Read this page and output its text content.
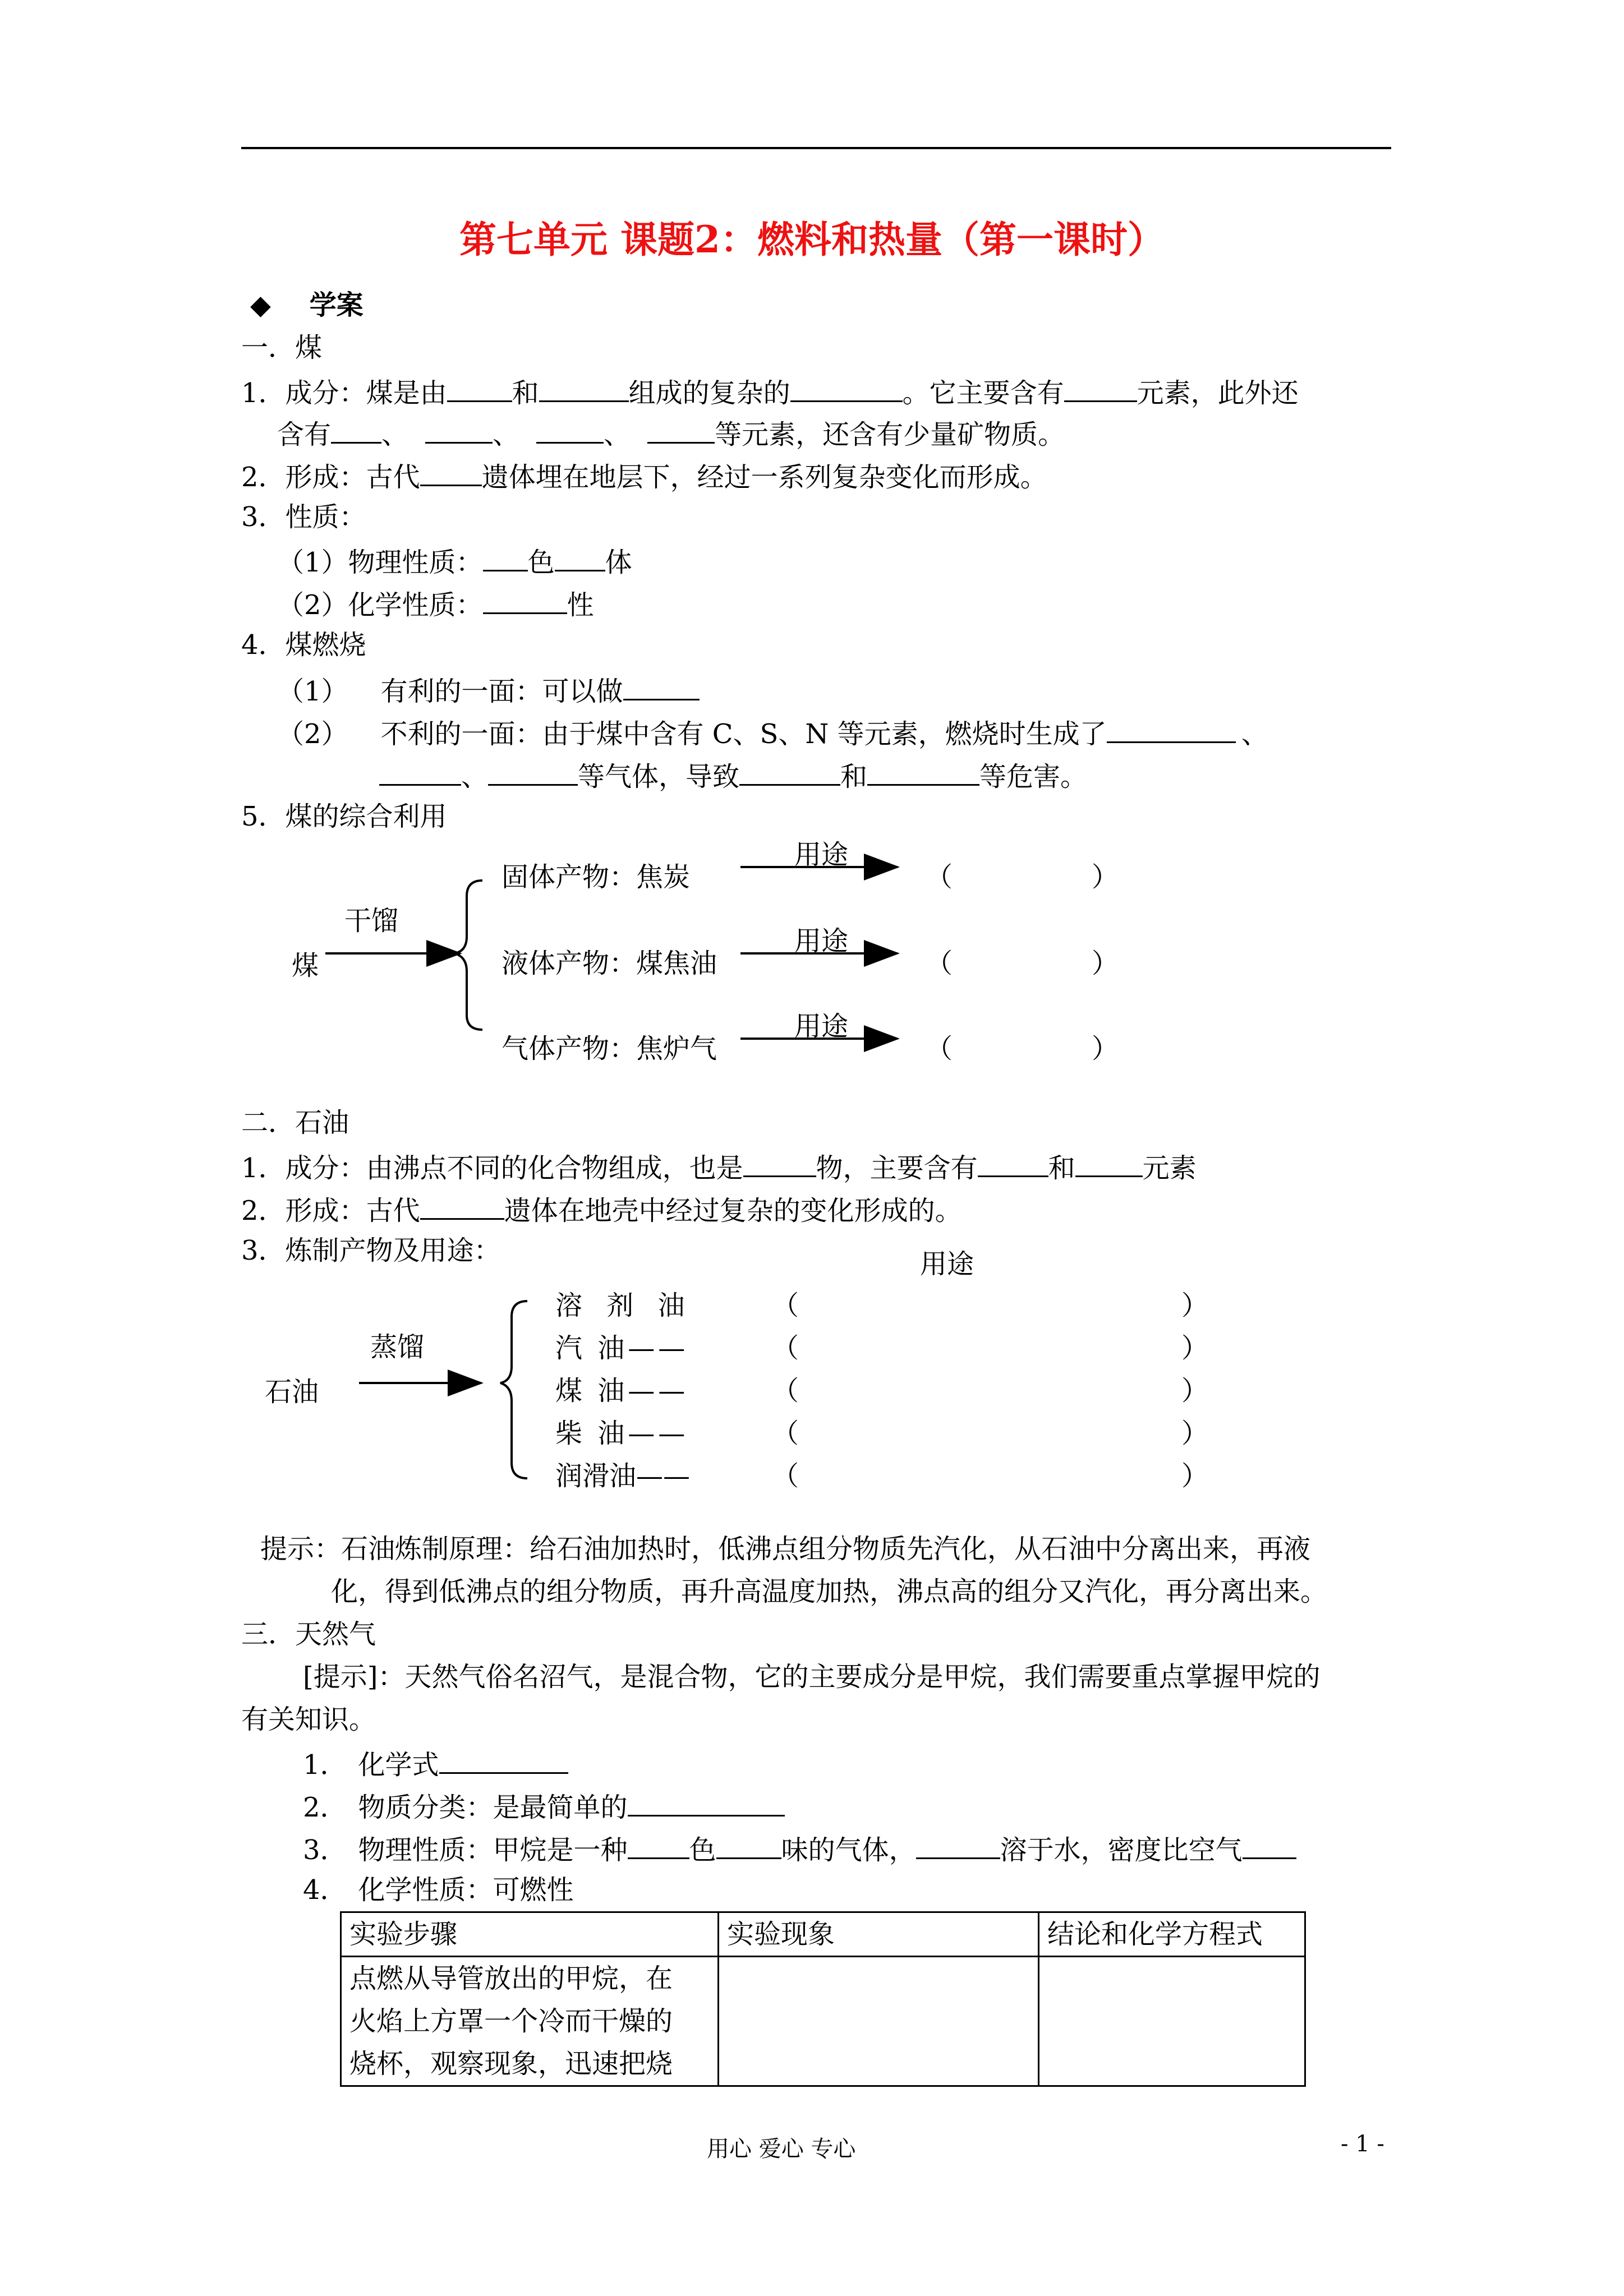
第七单元 课题2：燃料和热量（第一课时）
◆ 学案
一．煤
1．成分：煤是由 和	组成的复杂的	。它主要含有	元素，此外还
含有 、	、	、	等元素，还含有少量矿物质。
2．形成：古代 遗体埋在地层下，经过一系列复杂变化而形成。
3．性质：
（1）物理性质： 色 体
（2）化学性质：	性
4．煤燃烧
（1） 有利的一面：可以做
（2） 不利的一面：由于煤中含有 C、S、N 等元素，燃烧时生成了	、
、	等气体，导致	和	等危害。
5．煤的综合利用
煤
干馏
固体产物：焦炭
用途
（	）
液体产物：煤焦油
用途
（	）
气体产物：焦炉气
用途
（	）
二．石油
1．成分：由沸点不同的化合物组成，也是	物，主要含有	和	元素
2．形成：古代	遗体在地壳中经过复杂的变化形成的。
3．炼制产物及用途：	用途
石油
蒸馏
溶 剂 油	（	）
汽 油——	（	）
煤 油——	（	）
柴 油——	（	）
润滑油——	（	）
提示：石油炼制原理：给石油加热时，低沸点组分物质先汽化，从石油中分离出来，再液
化，得到低沸点的组分物质，再升高温度加热，沸点高的组分又汽化，再分离出来。
三．天然气
[提示]：天然气俗名沼气，是混合物，它的主要成分是甲烷，我们需要重点掌握甲烷的
有关知识。
1． 化学式
2． 物质分类：是最简单的
3． 物理性质：甲烷是一种 色 味的气体，	溶于水，密度比空气
4． 化学性质：可燃性
实验步骤	实验现象	结论和化学方程式

点燃从导管放出的甲烷，在
火焰上方罩一个冷而干燥的
烧杯，观察现象，迅速把烧		

用心 爱心 专心	- 1 -
